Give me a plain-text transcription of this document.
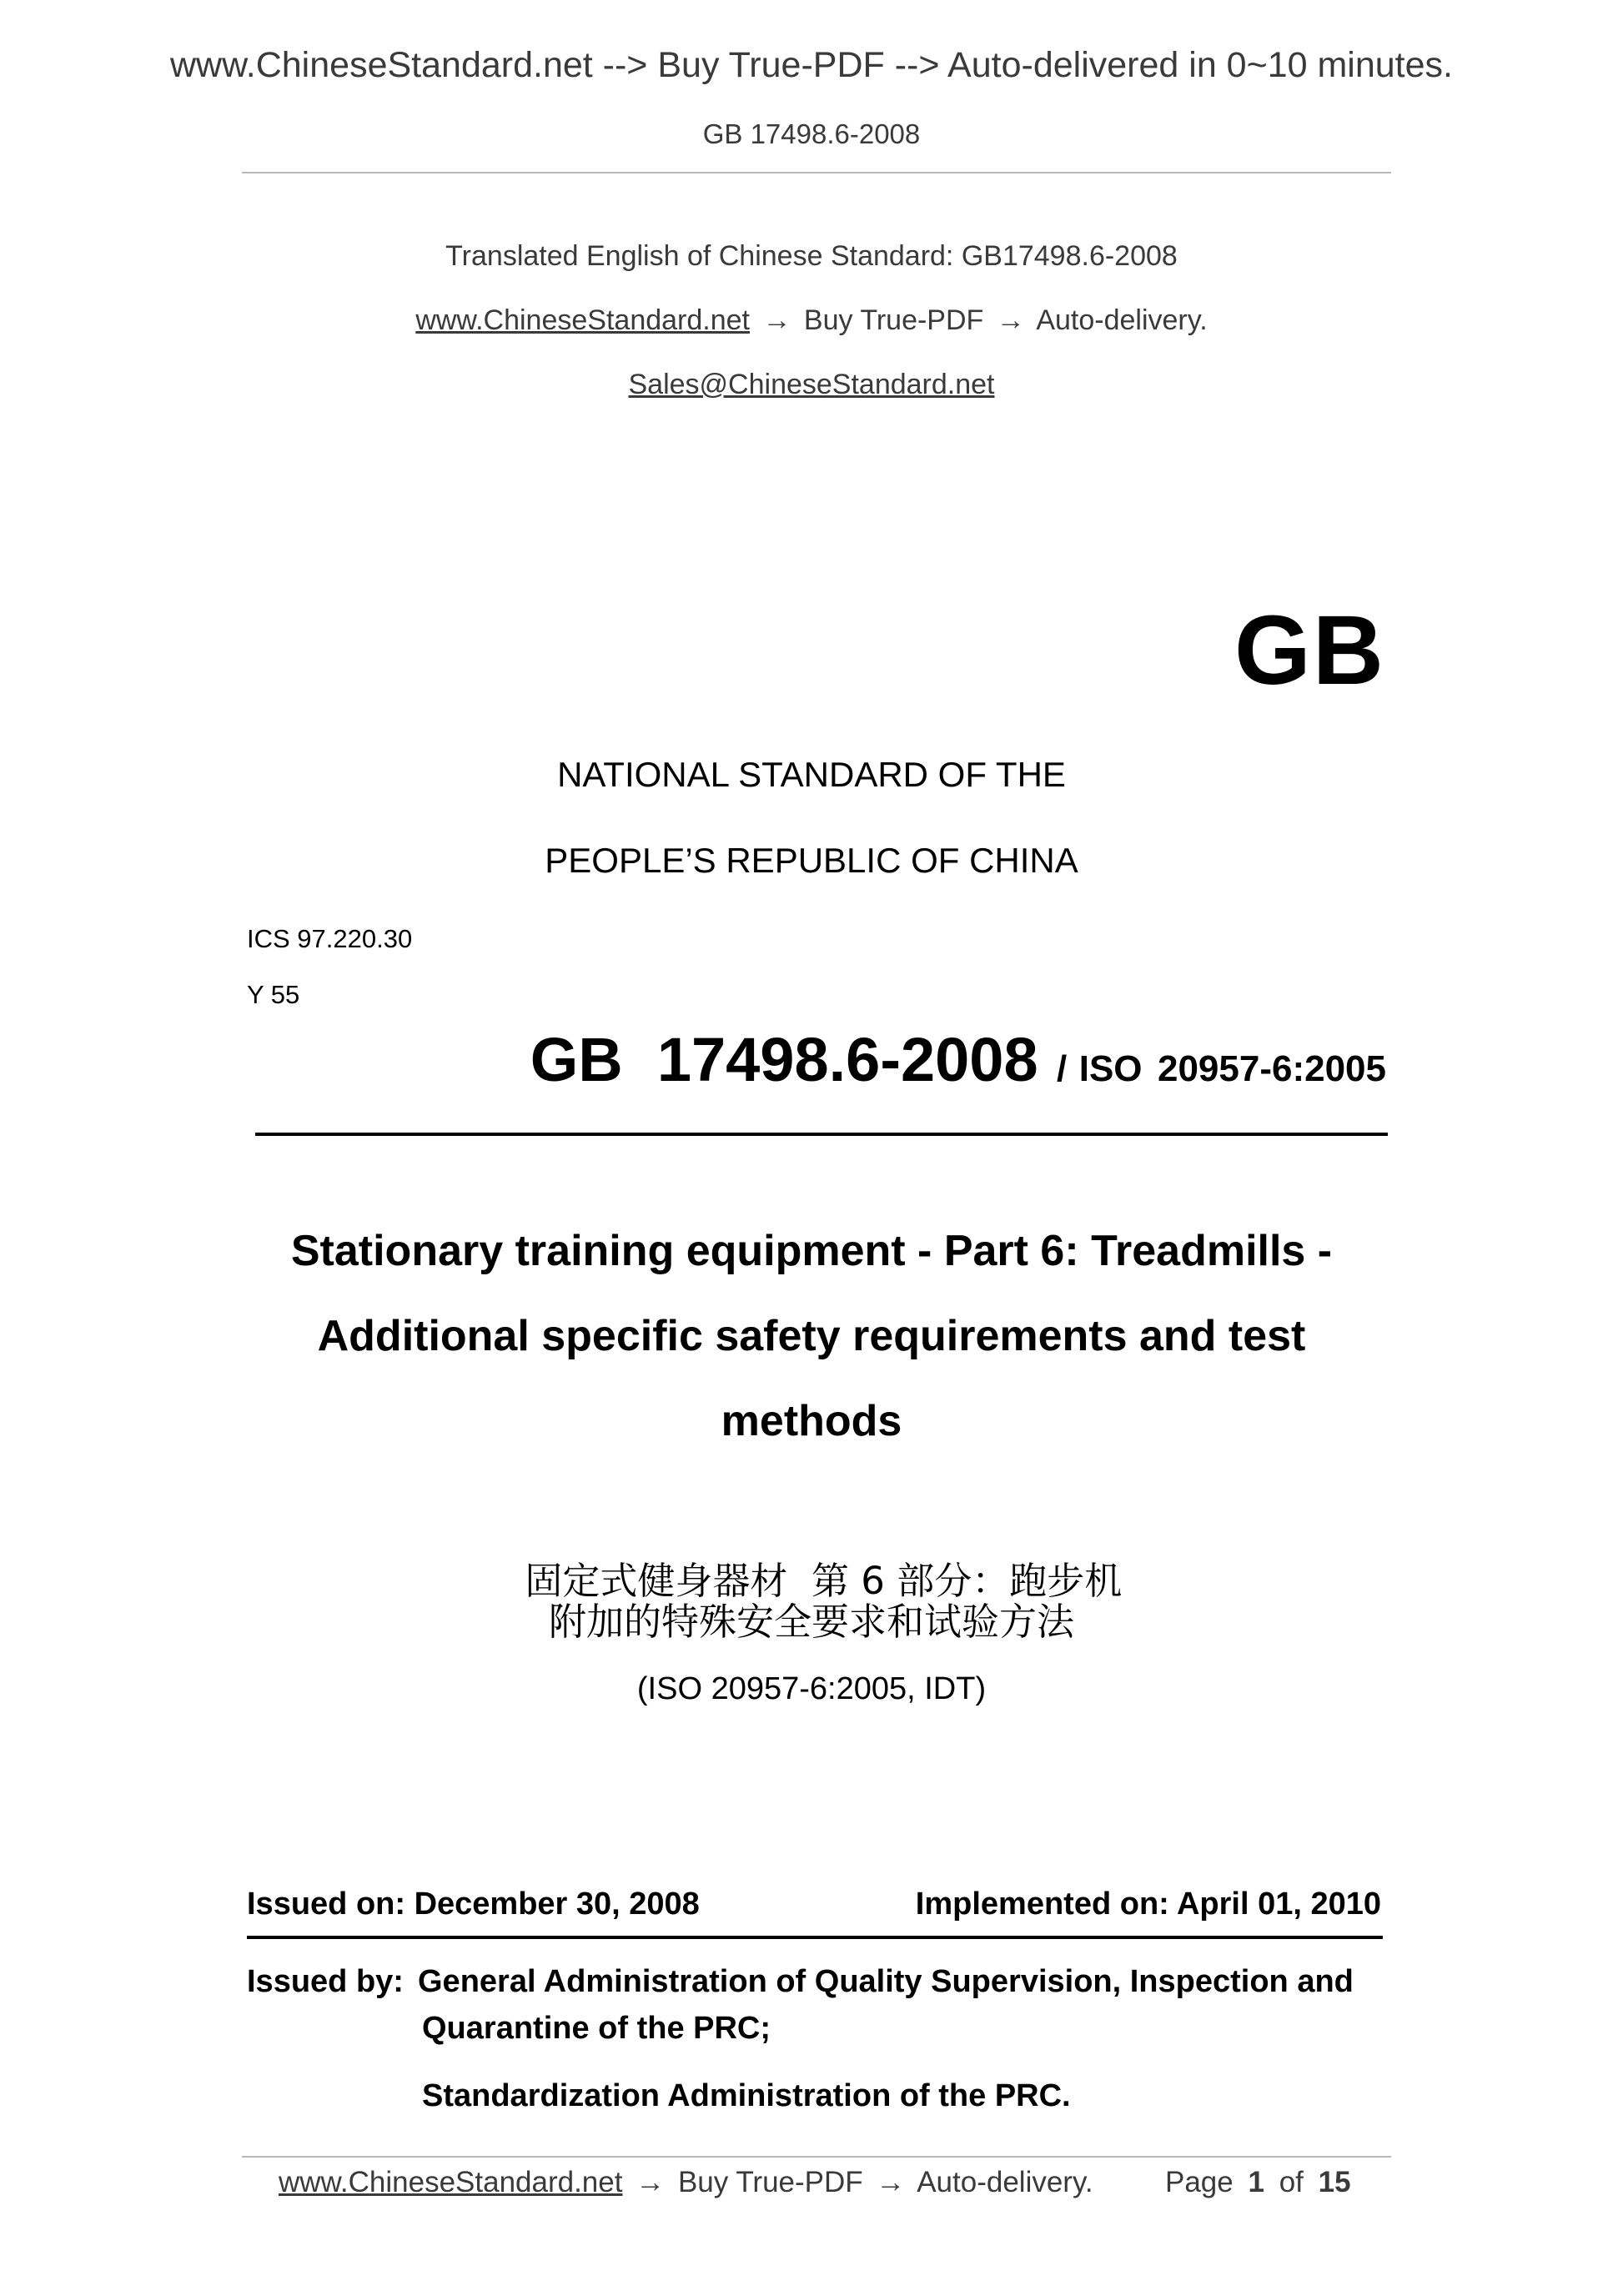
www.ChineseStandard.net --> Buy True-PDF --> Auto-delivered in 0~10 minutes.
GB 17498.6-2008
Translated English of Chinese Standard: GB17498.6-2008
www.ChineseStandard.net → Buy True-PDF → Auto-delivery.
Sales@ChineseStandard.net
GB
NATIONAL STANDARD OF THE
PEOPLE’S REPUBLIC OF CHINA
ICS 97.220.30
Y 55
GB  17498.6-2008 / ISO 20957-6:2005
Stationary training equipment - Part 6: Treadmills -
Additional specific safety requirements and test
methods

固定式健身器材  第 6 部分：跑步机

附加的特殊安全要求和试验方法
(ISO 20957-6:2005, IDT)
Issued on: December 30, 2008	Implemented on: April 01, 2010
Issued by: General Administration of Quality Supervision, Inspection and
Quarantine of the PRC;
Standardization Administration of the PRC.
www.ChineseStandard.net → Buy True-PDF → Auto-delivery. Page 1 of 15
